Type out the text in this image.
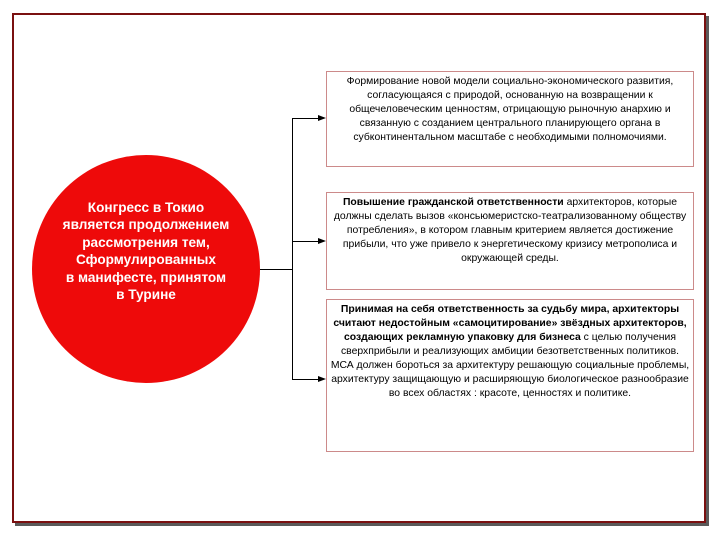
Конгресс в Токио
является продолжением
рассмотрения тем,
Сформулированных
в манифесте, принятом
в Турине
Формирование новой модели социально-экономического развития, согласующаяся с природой, основанную на возвращении к общечеловеческим ценностям, отрицающую рыночную анархию и связанную с созданием центрального планирующего органа в субконтинентальном масштабе с необходимыми полномочиями.
Повышение гражданской ответственности архитекторов, которые должны сделать вызов «консьюмеристско-театрализованному обществу потребления», в котором главным критерием является достижение прибыли, что уже привело к энергетическому кризису метрополиса и окружающей среды.
Принимая на себя ответственность за судьбу мира, архитекторы считают недостойным «самоцитирование» звёздных архитекторов, создающих рекламную упаковку для бизнеса с целью получения сверхприбыли и реализующих амбиции безответственных политиков. МСА должен бороться за архитектуру решающую социальные проблемы, архитектуру защищающую и расширяющую биологическое разнообразие во всех областях : красоте, ценностях и политике.
